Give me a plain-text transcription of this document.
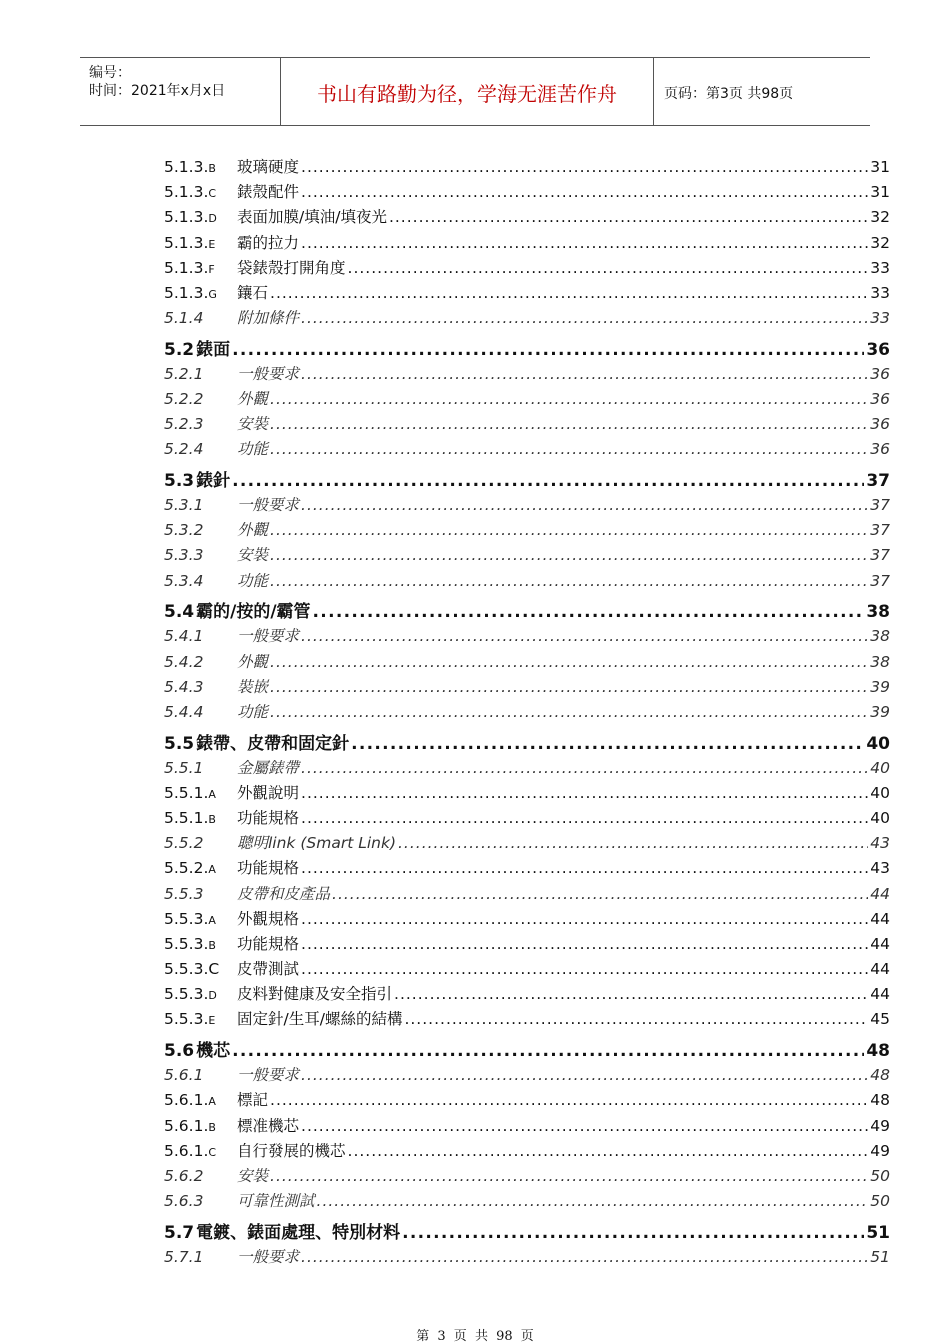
编号：
时间：2021年x月x日	书山有路勤为径，学海无涯苦作舟	页码：第3页 共98页
5.1.3.B	玻璃硬度 .....	31
5.1.3.C	錶殼配件 .....	31
5.1.3.D	表面加膜/填油/填夜光 .....	32
5.1.3.E	霸的拉力 .....	32
5.1.3.F	袋錶殼打開角度 .....	33
5.1.3.G	鑲石 .....	33
5.1.4	附加條件 .....	33
5.2 錶面 .....	36
5.2.1	一般要求 .....	36
5.2.2	外觀 .....	36
5.2.3	安裝 .....	36
5.2.4	功能 .....	36
5.3 錶針 .....	37
5.3.1	一般要求 .....	37
5.3.2	外觀 .....	37
5.3.3	安裝 .....	37
5.3.4	功能 .....	37
5.4 霸的/按的/霸管 .....	38
5.4.1	一般要求 .....	38
5.4.2	外觀 .....	38
5.4.3	裝嵌 .....	39
5.4.4	功能 .....	39
5.5 錶帶、皮帶和固定針 .....	40
5.5.1	金屬錶帶 .....	40
5.5.1.A	外觀說明 .....	40
5.5.1.B	功能規格 .....	40
5.5.2	聰明link (Smart Link) .....	43
5.5.2.A	功能規格 .....	43
5.5.3	皮帶和皮產品 .....	44
5.5.3.A	外觀規格 .....	44
5.5.3.B	功能規格 .....	44
5.5.3.C	皮帶測試 .....	44
5.5.3.D	皮料對健康及安全指引 .....	44
5.5.3.E	固定針/生耳/螺絲的結構 .....	45
5.6 機芯 .....	48
5.6.1	一般要求 .....	48
5.6.1.A	標記 .....	48
5.6.1.B	標准機芯 .....	49
5.6.1.C	自行發展的機芯 .....	49
5.6.2	安裝 .....	50
5.6.3	可靠性測試 .....	50
5.7 電鍍、錶面處理、特別材料 .....	51
5.7.1	一般要求 .....	51
第 3 页 共 98 页
